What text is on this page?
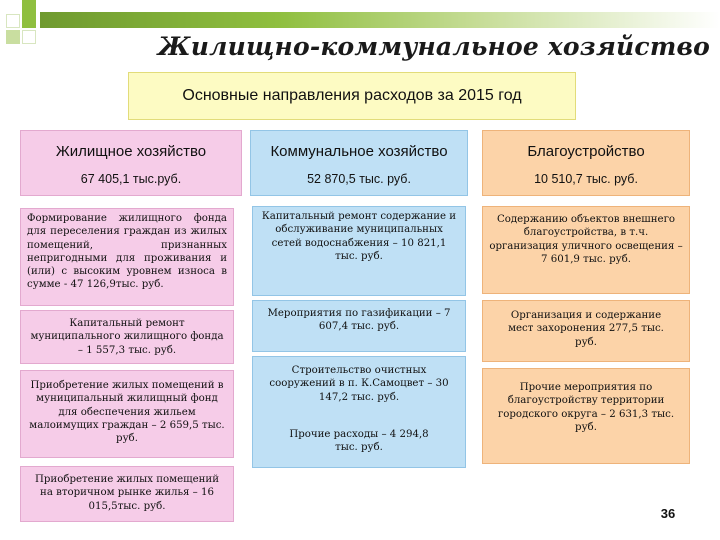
Жилищно-коммунальное хозяйство
Основные направления расходов за 2015 год
Жилищное хозяйство
67 405,1 тыс.руб.
Коммунальное хозяйство
52 870,5 тыс. руб.
Благоустройство
10 510,7 тыс. руб.
Формирование жилищного фонда для переселения граждан из жилых помещений, признанных непригодными для проживания и (или) с высоким уровнем износа в сумме - 47 126,9тыс. руб.
Капитальный ремонт муниципального жилищного фонда – 1 557,3 тыс. руб.
Приобретение жилых помещений в муниципальный жилищный фонд для обеспечения жильем малоимущих граждан – 2 659,5 тыс. руб.
Приобретение жилых помещений на вторичном рынке жилья – 16 015,5тыс. руб.
Капитальный ремонт содержание и обслуживание муниципальных сетей водоснабжения – 10 821,1 тыс. руб.
Мероприятия по газификации – 7 607,4 тыс. руб.
Строительство очистных сооружений в п. К.Самоцвет – 30 147,2 тыс. руб.
Прочие расходы – 4 294,8 тыс. руб.
Содержанию объектов внешнего благоустройства, в т.ч. организация уличного освещения – 7 601,9 тыс. руб.
Организация и содержание мест захоронения 277,5 тыс. руб.
Прочие мероприятия по благоустройству территории городского округа – 2 631,3 тыс. руб.
36
